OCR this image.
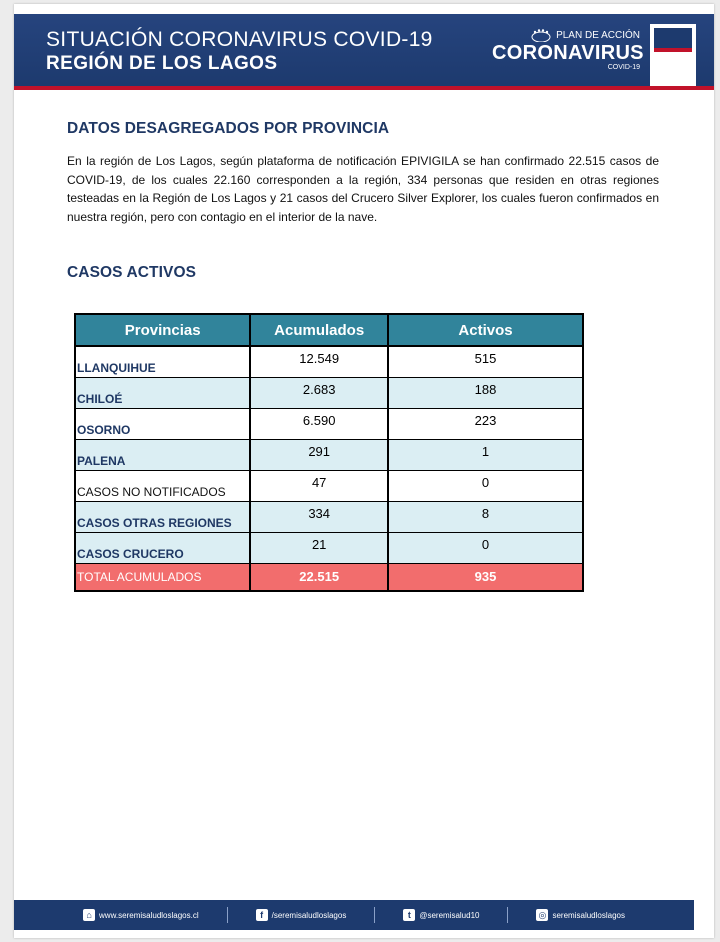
SITUACIÓN CORONAVIRUS COVID-19
REGIÓN DE LOS LAGOS
PLAN DE ACCIÓN
CORONAVIRUS
COVID-19
DATOS DESAGREGADOS POR PROVINCIA
En la región de Los Lagos, según plataforma de notificación EPIVIGILA se han confirmado 22.515 casos de COVID-19, de los cuales 22.160 corresponden a la región, 334 personas que residen en otras regiones testeadas en la Región de Los Lagos y 21 casos del Crucero Silver Explorer, los cuales fueron confirmados en nuestra región, pero con contagio en el interior de la nave.
CASOS ACTIVOS
Provincias	Acumulados	Activos
LLANQUIHUE	12.549	515
CHILOÉ	2.683	188
OSORNO	6.590	223
PALENA	291	1
CASOS NO NOTIFICADOS	47	0
CASOS OTRAS REGIONES	334	8
CASOS CRUCERO	21	0
TOTAL ACUMULADOS	22.515	935
⌂ www.seremisaludloslagos.cl	f	/seremisaludloslagos	t	@seremisalud10	◎ seremisaludloslagos
